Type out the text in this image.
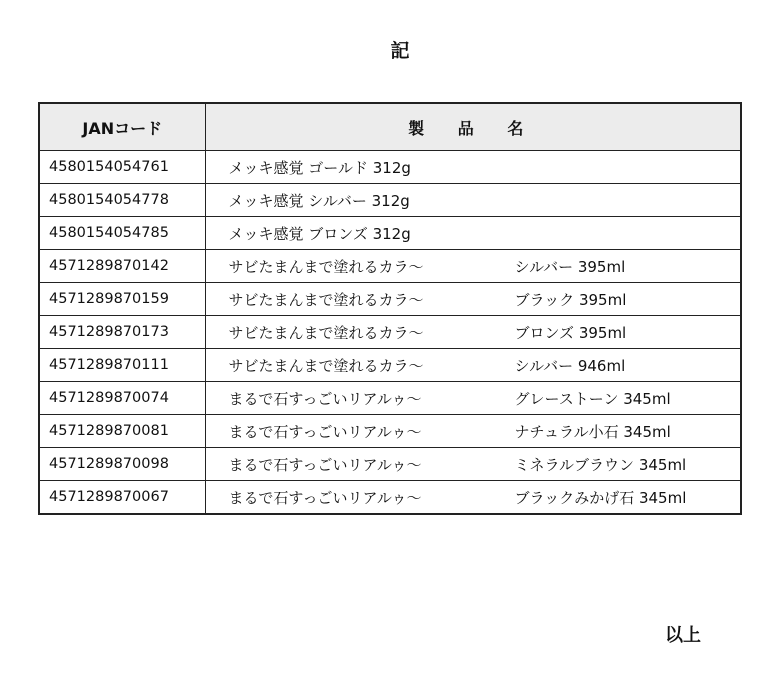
記
JANコード	製 品 名
4580154054761	メッキ感覚 ゴールド 312g
4580154054778	メッキ感覚 シルバー 312g
4580154054785	メッキ感覚 ブロンズ 312g
4571289870142	サビたまんまで塗れるカラ〜 シルバー 395ml
4571289870159	サビたまんまで塗れるカラ〜 ブラック 395ml
4571289870173	サビたまんまで塗れるカラ〜 ブロンズ 395ml
4571289870111	サビたまんまで塗れるカラ〜 シルバー 946ml
4571289870074	まるで石すっごいリアルゥ〜 グレーストーン 345ml
4571289870081	まるで石すっごいリアルゥ〜 ナチュラル小石 345ml
4571289870098	まるで石すっごいリアルゥ〜 ミネラルブラウン 345ml
4571289870067	まるで石すっごいリアルゥ〜 ブラックみかげ石 345ml
以上
